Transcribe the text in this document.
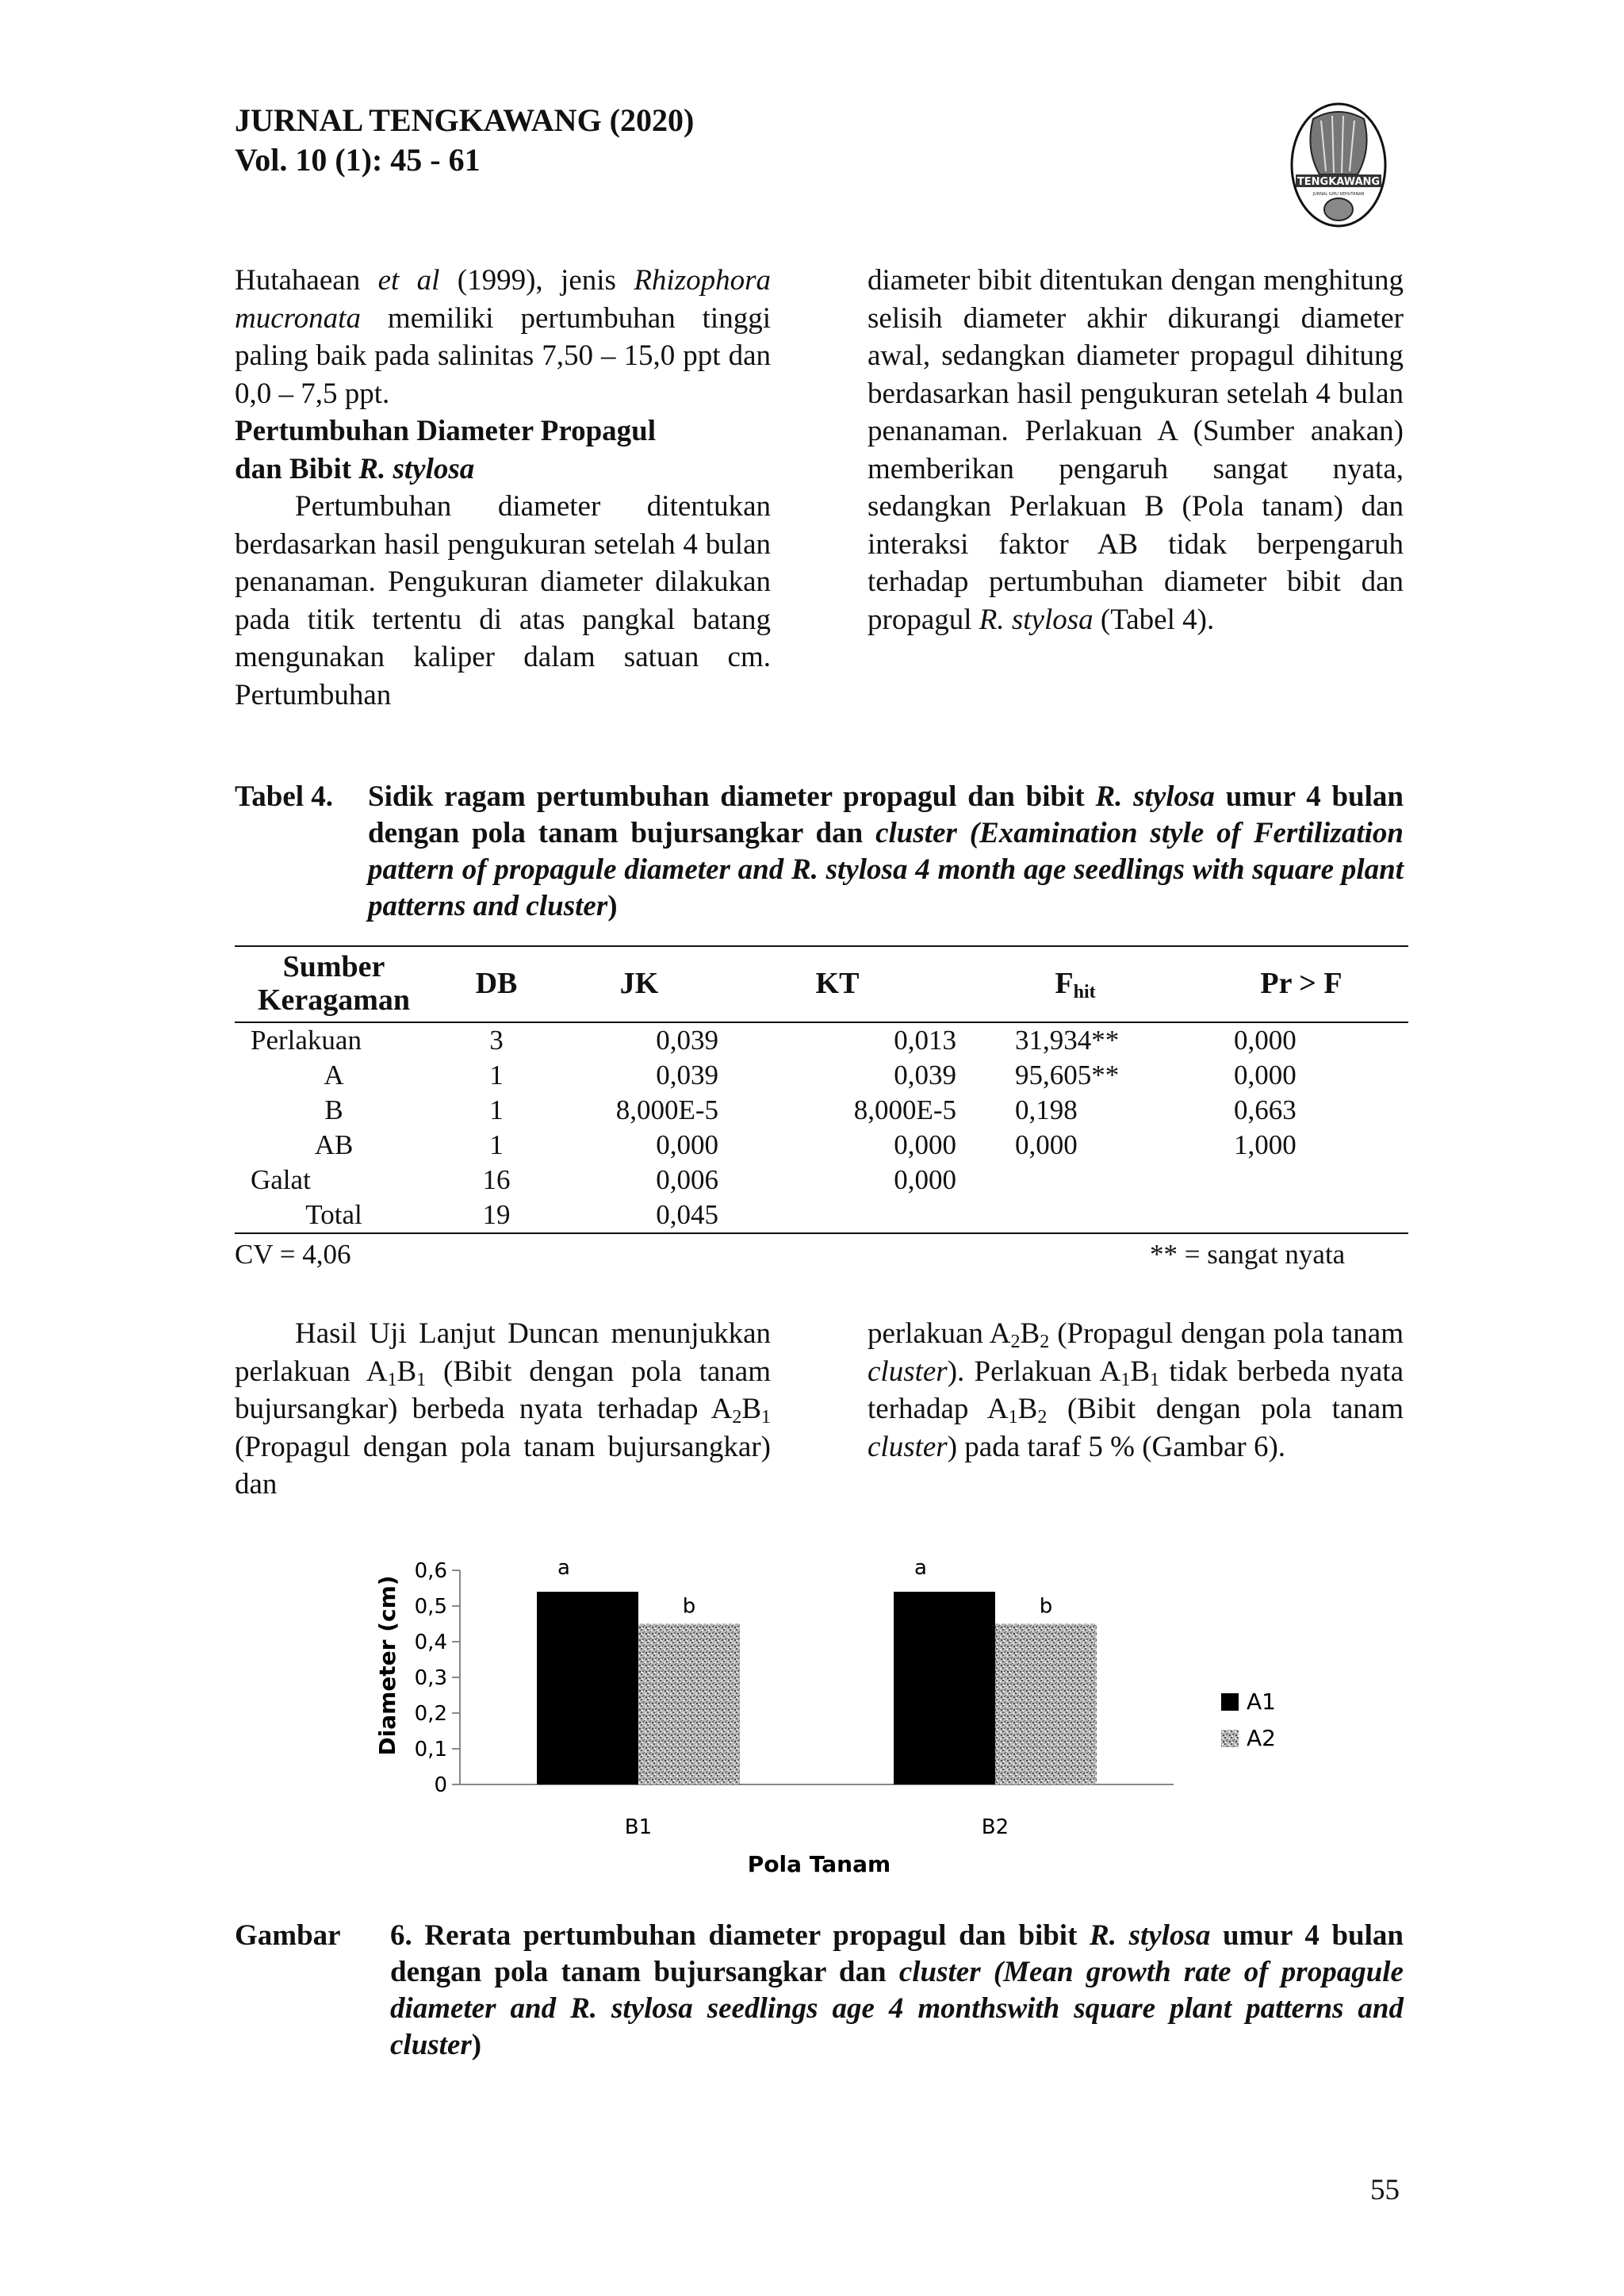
JURNAL TENGKAWANG (2020)
Vol. 10 (1): 45 - 61
TENGKAWANG
JURNAL ILMU KEHUTANAN

Hutahaean et al (1999), jenis Rhizophora mucronata memiliki pertumbuhan tinggi paling baik pada salinitas 7,50 – 15,0 ppt dan 0,0 – 7,5 ppt.

Pertumbuhan Diameter Propagul
dan Bibit R. stylosa

Pertumbuhan diameter ditentukan berdasarkan hasil pengukuran setelah 4 bulan penanaman. Pengukuran diameter dilakukan pada titik tertentu di atas pangkal batang mengunakan kaliper dalam satuan cm. Pertumbuhan

diameter bibit ditentukan dengan menghitung selisih diameter akhir dikurangi diameter awal, sedangkan diameter propagul dihitung berdasarkan hasil pengukuran setelah 4 bulan penanaman. Perlakuan A (Sumber anakan) memberikan pengaruh sangat nyata, sedangkan Perlakuan B (Pola tanam) dan interaksi faktor AB tidak berpengaruh terhadap pertumbuhan diameter bibit dan propagul R. stylosa (Tabel 4).

Tabel 4.	Sidik ragam pertumbuhan diameter propagul dan bibit R. stylosa umur 4 bulan dengan pola tanam bujursangkar dan cluster (Examination style of Fertilization pattern of propagule diameter and R. stylosa 4 month age seedlings with square plant patterns and cluster)
Sumber Keragaman	DB	JK	KT	$F_{hit}$	Pr > F
Perlakuan	3	0,039	0,013	31,934**	0,000
A	1	0,039	0,039	95,605**	0,000
B	1	8,000E-5	8,000E-5	0,198	0,663
AB	1	0,000	0,000	0,000	1,000
Galat	16	0,006	0,000		
Total	19	0,045			
CV = 4,06	** = sangat nyata

Hasil Uji Lanjut Duncan menunjukkan perlakuan $A_1B_1$ (Bibit dengan pola tanam bujursangkar) berbeda nyata terhadap $A_2B_1$ (Propagul dengan pola tanam bujursangkar) dan

perlakuan $A_2B_2$ (Propagul dengan pola tanam cluster). Perlakuan $A_1B_1$ tidak berbeda nyata terhadap $A_1B_2$ (Bibit dengan pola tanam cluster) pada taraf 5 % (Gambar 6).

Diameter (cm)
Pola Tanam
0
0,1
0,2
0,3
0,4
0,5
0,6	a
b
B1
a
b
B2
A1
A2
Gambar	6. Rerata pertumbuhan diameter propagul dan bibit R. stylosa umur 4 bulan dengan pola tanam bujursangkar dan cluster (Mean growth rate of propagule diameter and R. stylosa seedlings age 4 monthswith square plant patterns and cluster)
55
